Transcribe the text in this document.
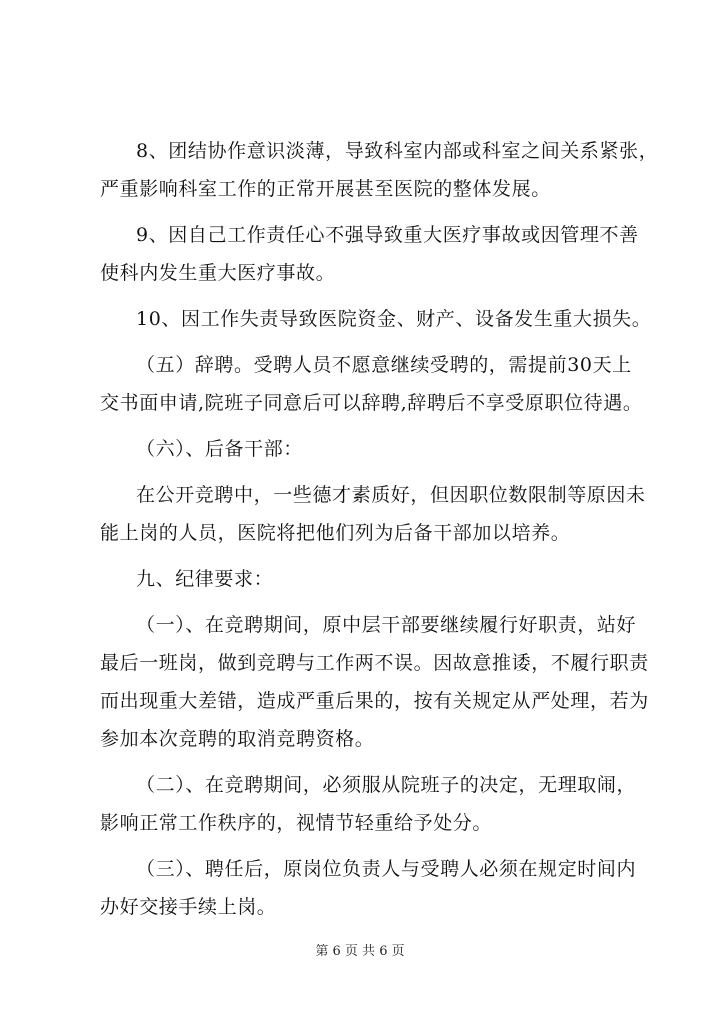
8、团结协作意识淡薄，导致科室内部或科室之间关系紧张，
严重影响科室工作的正常开展甚至医院的整体发展。

9、因自己工作责任心不强导致重大医疗事故或因管理不善
使科内发生重大医疗事故。

10、因工作失责导致医院资金、财产、设备发生重大损失。

（五）辞聘。受聘人员不愿意继续受聘的，需提前30天上
交书面申请,院班子同意后可以辞聘,辞聘后不享受原职位待遇。

（六）、后备干部：

在公开竞聘中，一些德才素质好，但因职位数限制等原因未
能上岗的人员，医院将把他们列为后备干部加以培养。

九、纪律要求：

（一）、在竞聘期间，原中层干部要继续履行好职责，站好
最后一班岗，做到竞聘与工作两不误。因故意推诿，不履行职责
而出现重大差错，造成严重后果的，按有关规定从严处理，若为
参加本次竞聘的取消竞聘资格。

（二）、在竞聘期间，必须服从院班子的决定，无理取闹，
影响正常工作秩序的，视情节轻重给予处分。

（三）、聘任后，原岗位负责人与受聘人必须在规定时间内
办好交接手续上岗。

第 6 页 共 6 页
